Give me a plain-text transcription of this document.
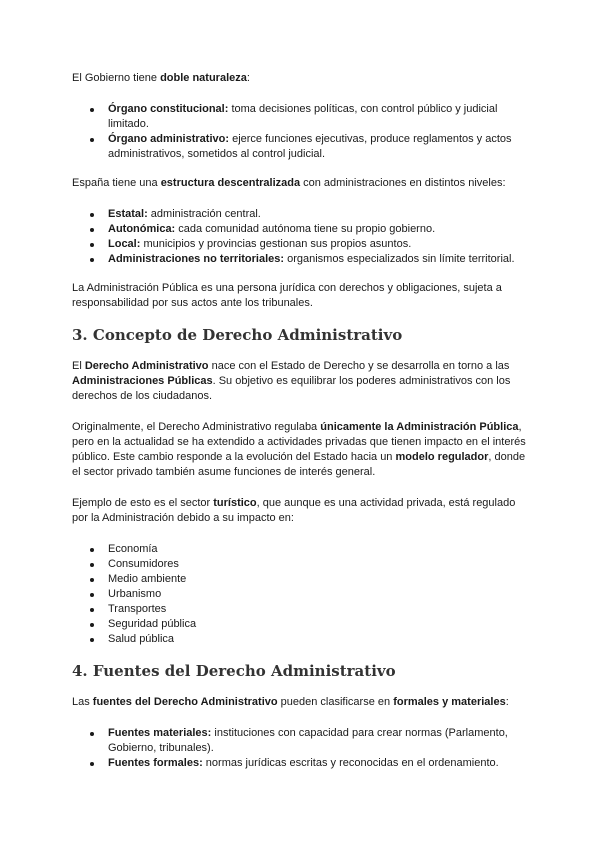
El Gobierno tiene doble naturaleza:

Órgano constitucional: toma decisiones políticas, con control público y judicial limitado.
Órgano administrativo: ejerce funciones ejecutivas, produce reglamentos y actos administrativos, sometidos al control judicial.

España tiene una estructura descentralizada con administraciones en distintos niveles:

Estatal: administración central.
Autonómica: cada comunidad autónoma tiene su propio gobierno.
Local: municipios y provincias gestionan sus propios asuntos.
Administraciones no territoriales: organismos especializados sin límite territorial.

La Administración Pública es una persona jurídica con derechos y obligaciones, sujeta a responsabilidad por sus actos ante los tribunales.

3. Concepto de Derecho Administrativo

El Derecho Administrativo nace con el Estado de Derecho y se desarrolla en torno a las Administraciones Públicas. Su objetivo es equilibrar los poderes administrativos con los derechos de los ciudadanos.

Originalmente, el Derecho Administrativo regulaba únicamente la Administración Pública, pero en la actualidad se ha extendido a actividades privadas que tienen impacto en el interés público. Este cambio responde a la evolución del Estado hacia un modelo regulador, donde el sector privado también asume funciones de interés general.

Ejemplo de esto es el sector turístico, que aunque es una actividad privada, está regulado por la Administración debido a su impacto en:

Economía
Consumidores
Medio ambiente
Urbanismo
Transportes
Seguridad pública
Salud pública
4. Fuentes del Derecho Administrativo

Las fuentes del Derecho Administrativo pueden clasificarse en formales y materiales:

Fuentes materiales: instituciones con capacidad para crear normas (Parlamento, Gobierno, tribunales).
Fuentes formales: normas jurídicas escritas y reconocidas en el ordenamiento.
